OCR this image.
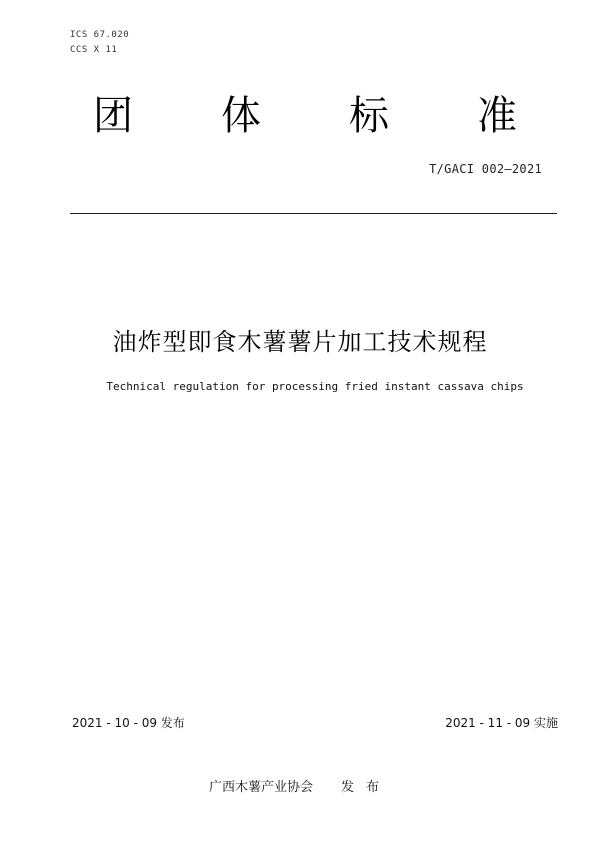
ICS 67.020
CCS X 11
团 体 标 准
T/GACI 002—2021
油炸型即食木薯薯片加工技术规程
Technical regulation for processing fried instant cassava chips
2021 - 10 - 09 发布	2021 - 11 - 09 实施
广西木薯产业协会 发布
